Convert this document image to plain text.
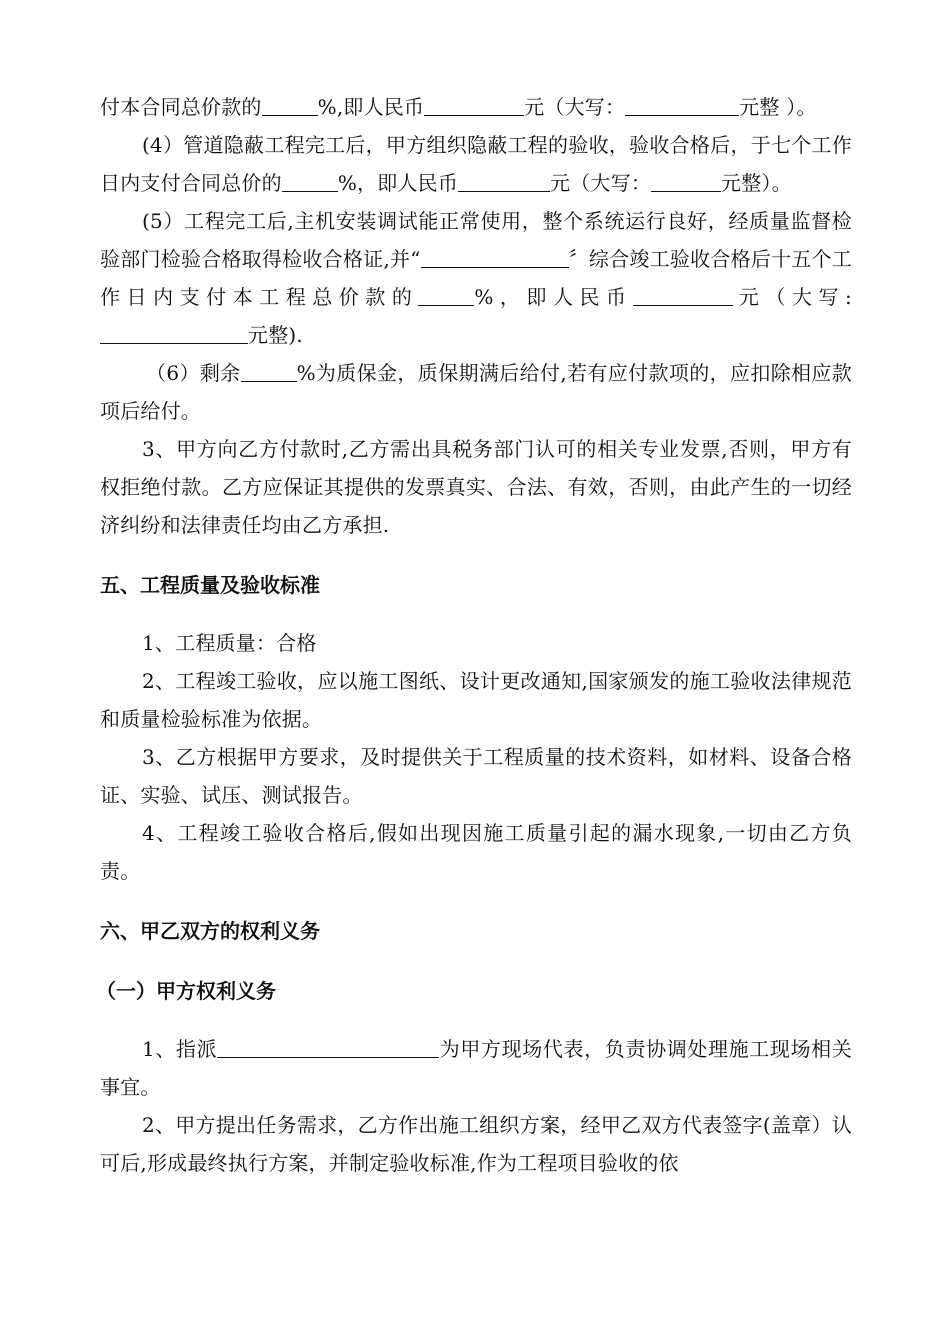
付本合同总价款的	%,即人民币	元（大写：	元整 ）。

(4）管道隐蔽工程完工后，甲方组织隐蔽工程的验收，验收合格后，于七个工作日内支付合同总价的	%，即人民币	元（大写：	元整）。

(5）工程完工后,主机安装调试能正常使用，整个系统运行良好，经质量监督检验部门检验合格取得检收合格证,并“	〞综合竣工验收合格后十五个工作日内支付本工程总价款的	%，即人民币	元（大写:元整).

（6）剩余	%为质保金，质保期满后给付,若有应付款项的，应扣除相应款项后给付。

3、甲方向乙方付款时,乙方需出具税务部门认可的相关专业发票,否则，甲方有权拒绝付款。乙方应保证其提供的发票真实、合法、有效，否则，由此产生的一切经济纠纷和法律责任均由乙方承担.

五、工程质量及验收标准

1、工程质量：合格

2、工程竣工验收，应以施工图纸、设计更改通知,国家颁发的施工验收法律规范和质量检验标准为依据。

3、乙方根据甲方要求，及时提供关于工程质量的技术资料，如材料、设备合格证、实验、试压、测试报告。

4、工程竣工验收合格后,假如出现因施工质量引起的漏水现象,一切由乙方负责。

六、甲乙双方的权利义务

（一）甲方权利义务

1、指派	为甲方现场代表，负责协调处理施工现场相关事宜。

2、甲方提出任务需求，乙方作出施工组织方案，经甲乙双方代表签字(盖章）认可后,形成最终执行方案，并制定验收标准,作为工程项目验收的依
